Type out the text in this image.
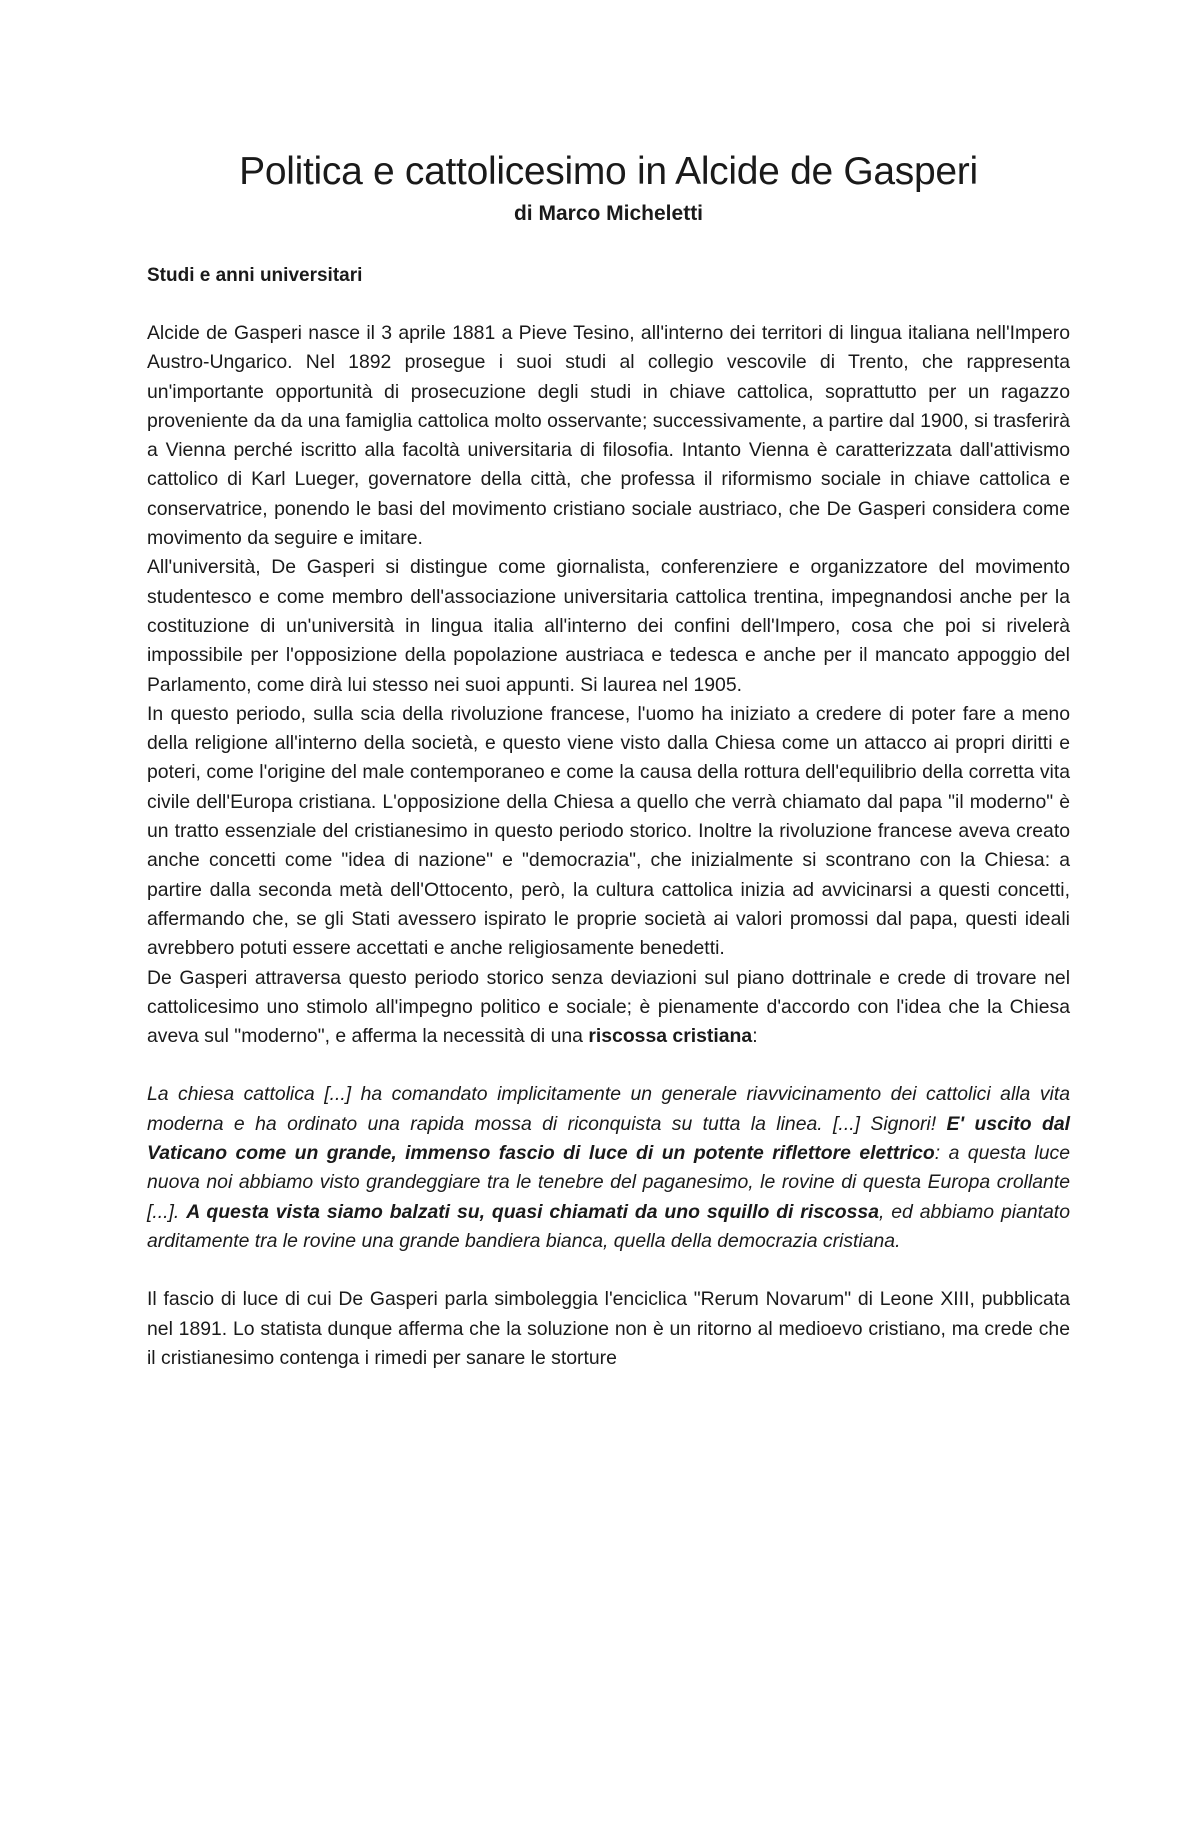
Politica e cattolicesimo in Alcide de Gasperi
di Marco Micheletti
Studi e anni universitari

Alcide de Gasperi nasce il 3 aprile 1881 a Pieve Tesino, all'interno dei territori di lingua italiana nell'Impero Austro-Ungarico. Nel 1892 prosegue i suoi studi al collegio vescovile di Trento, che rappresenta un'importante opportunità di prosecuzione degli studi in chiave cattolica, soprattutto per un ragazzo proveniente da da una famiglia cattolica molto osservante; successivamente, a partire dal 1900, si trasferirà a Vienna perché iscritto alla facoltà universitaria di filosofia. Intanto Vienna è caratterizzata dall'attivismo cattolico di Karl Lueger, governatore della città, che professa il riformismo sociale in chiave cattolica e conservatrice, ponendo le basi del movimento cristiano sociale austriaco, che De Gasperi considera come movimento da seguire e imitare.

All'università, De Gasperi si distingue come giornalista, conferenziere e organizzatore del movimento studentesco e come membro dell'associazione universitaria cattolica trentina, impegnandosi anche per la costituzione di un'università in lingua italia all'interno dei confini dell'Impero, cosa che poi si rivelerà impossibile per l'opposizione della popolazione austriaca e tedesca e anche per il mancato appoggio del Parlamento, come dirà lui stesso nei suoi appunti. Si laurea nel 1905.

In questo periodo, sulla scia della rivoluzione francese, l'uomo ha iniziato a credere di poter fare a meno della religione all'interno della società, e questo viene visto dalla Chiesa come un attacco ai propri diritti e poteri, come l'origine del male contemporaneo e come la causa della rottura dell'equilibrio della corretta vita civile dell'Europa cristiana. L'opposizione della Chiesa a quello che verrà chiamato dal papa "il moderno" è un tratto essenziale del cristianesimo in questo periodo storico. Inoltre la rivoluzione francese aveva creato anche concetti come "idea di nazione" e "democrazia", che inizialmente si scontrano con la Chiesa: a partire dalla seconda metà dell'Ottocento, però, la cultura cattolica inizia ad avvicinarsi a questi concetti, affermando che, se gli Stati avessero ispirato le proprie società ai valori promossi dal papa, questi ideali avrebbero potuti essere accettati e anche religiosamente benedetti.

De Gasperi attraversa questo periodo storico senza deviazioni sul piano dottrinale e crede di trovare nel cattolicesimo uno stimolo all'impegno politico e sociale; è pienamente d'accordo con l'idea che la Chiesa aveva sul "moderno", e afferma la necessità di una riscossa cristiana:

La chiesa cattolica [...] ha comandato implicitamente un generale riavvicinamento dei cattolici alla vita moderna e ha ordinato una rapida mossa di riconquista su tutta la linea. [...] Signori! E' uscito dal Vaticano come un grande, immenso fascio di luce di un potente riflettore elettrico: a questa luce nuova noi abbiamo visto grandeggiare tra le tenebre del paganesimo, le rovine di questa Europa crollante [...]. A questa vista siamo balzati su, quasi chiamati da uno squillo di riscossa, ed abbiamo piantato arditamente tra le rovine una grande bandiera bianca, quella della democrazia cristiana.

Il fascio di luce di cui De Gasperi parla simboleggia l'enciclica "Rerum Novarum" di Leone XIII, pubblicata nel 1891. Lo statista dunque afferma che la soluzione non è un ritorno al medioevo cristiano, ma crede che il cristianesimo contenga i rimedi per sanare le storture
